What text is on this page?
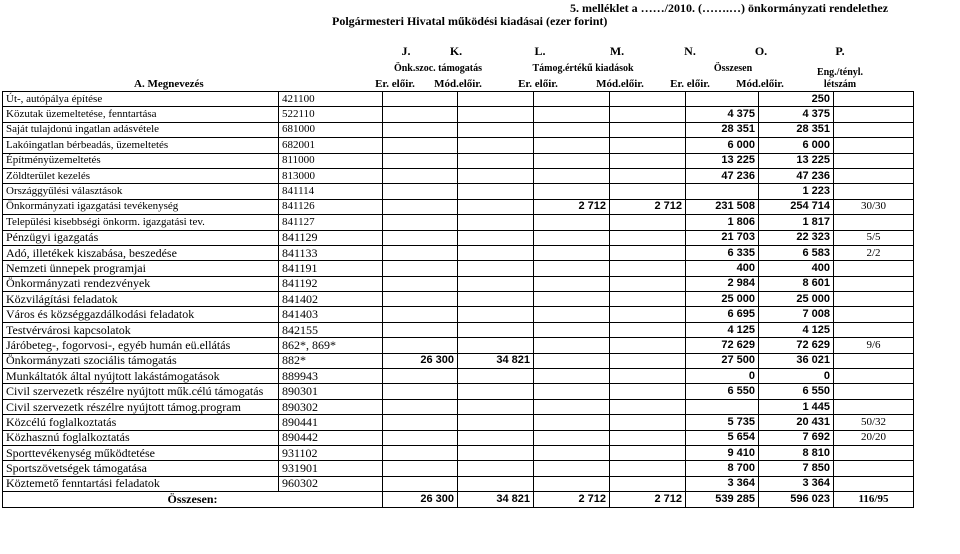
5. melléklet a ……/2010. (…….…) önkormányzati rendelethez
Polgármesteri Hivatal működési kiadásai (ezer forint)
J.	K.	L.	M.	N.	O.	P.
Önk.szoc. támogatás	Támog.értékű kiadások	Összesen	Eng./tényl. létszám
A. Megnevezés	Er. előir.	Mód.előir.	Er. előir.	Mód.előir.	Er. előir.	Mód.előir.
Út-, autópálya építése	421100						250	
Közutak üzemeltetése, fenntartása	522110					4 375	4 375	
Saját tulajdonú ingatlan adásvétele	681000					28 351	28 351	
Lakóingatlan bérbeadás, üzemeltetés	682001					6 000	6 000	
Építményüzemeltetés	811000					13 225	13 225	
Zöldterület kezelés	813000					47 236	47 236	
Országgyűlési választások	841114						1 223	
Önkormányzati igazgatási tevékenység	841126			2 712	2 712	231 508	254 714	30/30
Települési kisebbségi önkorm. igazgatási tev.	841127					1 806	1 817	
Pénzügyi igazgatás	841129					21 703	22 323	5/5
Adó, illetékek kiszabása, beszedése	841133					6 335	6 583	2/2
Nemzeti ünnepek programjai	841191					400	400	
Önkormányzati rendezvények	841192					2 984	8 601	
Közvilágítási feladatok	841402					25 000	25 000	
Város és községgazdálkodási feladatok	841403					6 695	7 008	
Testvérvárosi kapcsolatok	842155					4 125	4 125	
Járóbeteg-, fogorvosi-, egyéb humán eü.ellátás	862*, 869*					72 629	72 629	9/6
Önkormányzati szociális támogatás	882*	26 300	34 821			27 500	36 021	
Munkáltatók által nyújtott lakástámogatások	889943					0	0	
Civil szervezetk részélre nyújtott műk.célú támogatás	890301					6 550	6 550	
Civil szervezetk részélre nyújtott támog.program	890302						1 445	
Közcélú foglalkoztatás	890441					5 735	20 431	50/32
Közhasznú foglalkoztatás	890442					5 654	7 692	20/20
Sporttevékenység működtetése	931102					9 410	8 810	
Sportszövetségek támogatása	931901					8 700	7 850	
Köztemető fenntartási feladatok	960302					3 364	3 364	
Összesen:		26 300	34 821	2 712	2 712	539 285	596 023	116/95
